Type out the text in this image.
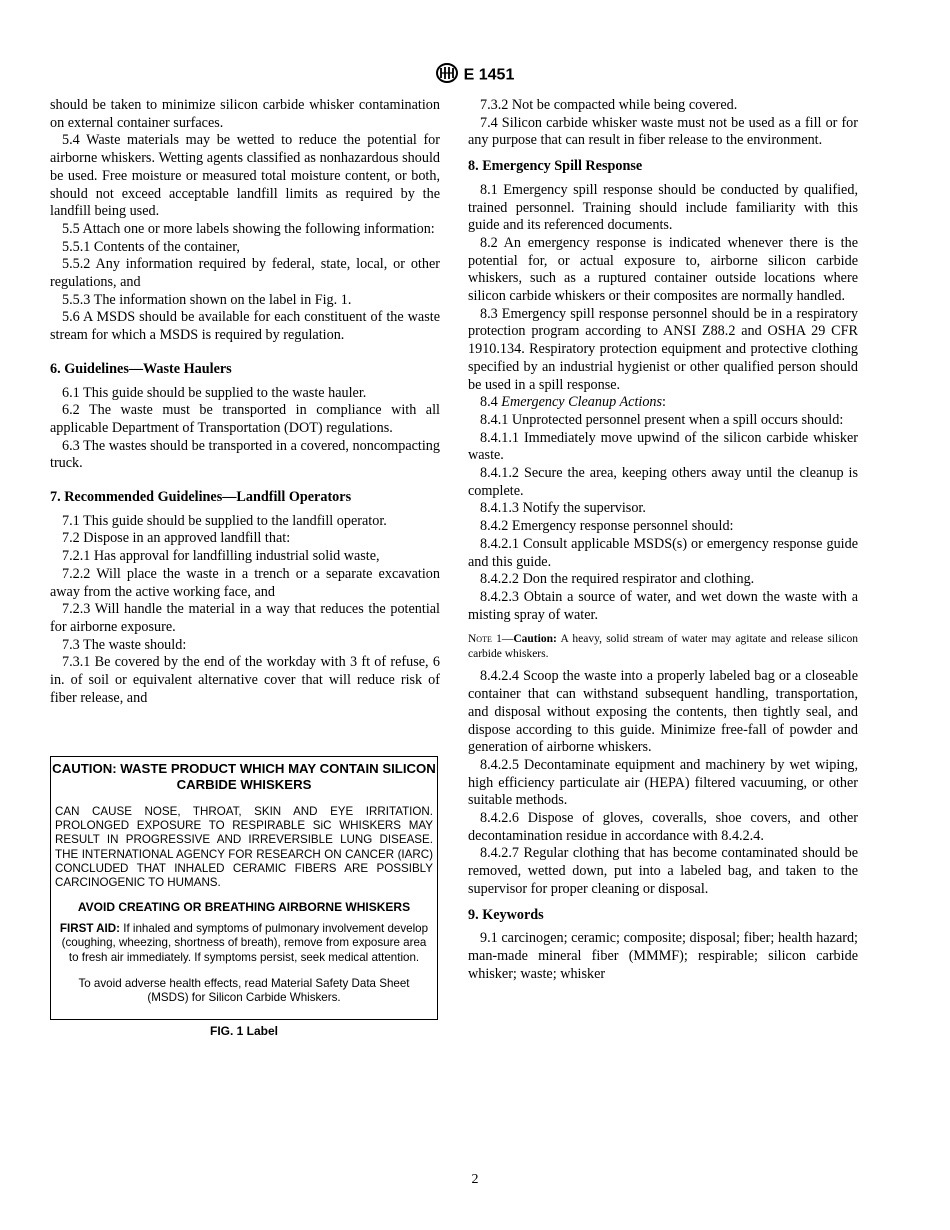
E 1451

should be taken to minimize silicon carbide whisker contamination on external container surfaces.

5.4 Waste materials may be wetted to reduce the potential for airborne whiskers. Wetting agents classified as nonhazardous should be used. Free moisture or measured total moisture content, or both, should not exceed acceptable landfill limits as required by the landfill being used.

5.5 Attach one or more labels showing the following information:

5.5.1 Contents of the container,

5.5.2 Any information required by federal, state, local, or other regulations, and

5.5.3 The information shown on the label in Fig. 1.

5.6 A MSDS should be available for each constituent of the waste stream for which a MSDS is required by regulation.

6. Guidelines—Waste Haulers

6.1 This guide should be supplied to the waste hauler.

6.2 The waste must be transported in compliance with all applicable Department of Transportation (DOT) regulations.

6.3 The wastes should be transported in a covered, noncompacting truck.

7. Recommended Guidelines—Landfill Operators

7.1 This guide should be supplied to the landfill operator.

7.2 Dispose in an approved landfill that:

7.2.1 Has approval for landfilling industrial solid waste,

7.2.2 Will place the waste in a trench or a separate excavation away from the active working face, and

7.2.3 Will handle the material in a way that reduces the potential for airborne exposure.

7.3 The waste should:

7.3.1 Be covered by the end of the workday with 3 ft of refuse, 6 in. of soil or equivalent alternative cover that will reduce risk of fiber release, and

CAUTION: WASTE PRODUCT WHICH MAY CONTAIN SILICON CARBIDE WHISKERS
CAN CAUSE NOSE, THROAT, SKIN AND EYE IRRITATION. PROLONGED EXPOSURE TO RESPIRABLE SiC WHISKERS MAY RESULT IN PROGRESSIVE AND IRREVERSIBLE LUNG DISEASE. THE INTERNATIONAL AGENCY FOR RESEARCH ON CANCER (IARC) CONCLUDED THAT INHALED CERAMIC FIBERS ARE POSSIBLY CARCINOGENIC TO HUMANS.
AVOID CREATING OR BREATHING AIRBORNE WHISKERS
FIRST AID: If inhaled and symptoms of pulmonary involvement develop (coughing, wheezing, shortness of breath), remove from exposure area to fresh air immediately. If symptoms persist, seek medical attention.
To avoid adverse health effects, read Material Safety Data Sheet (MSDS) for Silicon Carbide Whiskers.
FIG. 1 Label

7.3.2 Not be compacted while being covered.

7.4 Silicon carbide whisker waste must not be used as a fill or for any purpose that can result in fiber release to the environment.

8. Emergency Spill Response

8.1 Emergency spill response should be conducted by qualified, trained personnel. Training should include familiarity with this guide and its referenced documents.

8.2 An emergency response is indicated whenever there is the potential for, or actual exposure to, airborne silicon carbide whiskers, such as a ruptured container outside locations where silicon carbide whiskers or their composites are normally handled.

8.3 Emergency spill response personnel should be in a respiratory protection program according to ANSI Z88.2 and OSHA 29 CFR 1910.134. Respiratory protection equipment and protective clothing specified by an industrial hygienist or other qualified person should be used in a spill response.

8.4 Emergency Cleanup Actions:

8.4.1 Unprotected personnel present when a spill occurs should:

8.4.1.1 Immediately move upwind of the silicon carbide whisker waste.

8.4.1.2 Secure the area, keeping others away until the cleanup is complete.

8.4.1.3 Notify the supervisor.

8.4.2 Emergency response personnel should:

8.4.2.1 Consult applicable MSDS(s) or emergency response guide and this guide.

8.4.2.2 Don the required respirator and clothing.

8.4.2.3 Obtain a source of water, and wet down the waste with a misting spray of water.

Note 1—Caution: A heavy, solid stream of water may agitate and release silicon carbide whiskers.

8.4.2.4 Scoop the waste into a properly labeled bag or a closeable container that can withstand subsequent handling, transportation, and disposal without exposing the contents, then tightly seal, and dispose according to this guide. Minimize free-fall of powder and generation of airborne whiskers.

8.4.2.5 Decontaminate equipment and machinery by wet wiping, high efficiency particulate air (HEPA) filtered vacuuming, or other suitable methods.

8.4.2.6 Dispose of gloves, coveralls, shoe covers, and other decontamination residue in accordance with 8.4.2.4.

8.4.2.7 Regular clothing that has become contaminated should be removed, wetted down, put into a labeled bag, and taken to the supervisor for proper cleaning or disposal.

9. Keywords

9.1 carcinogen; ceramic; composite; disposal; fiber; health hazard; man-made mineral fiber (MMMF); respirable; silicon carbide whisker; waste; whisker

2
